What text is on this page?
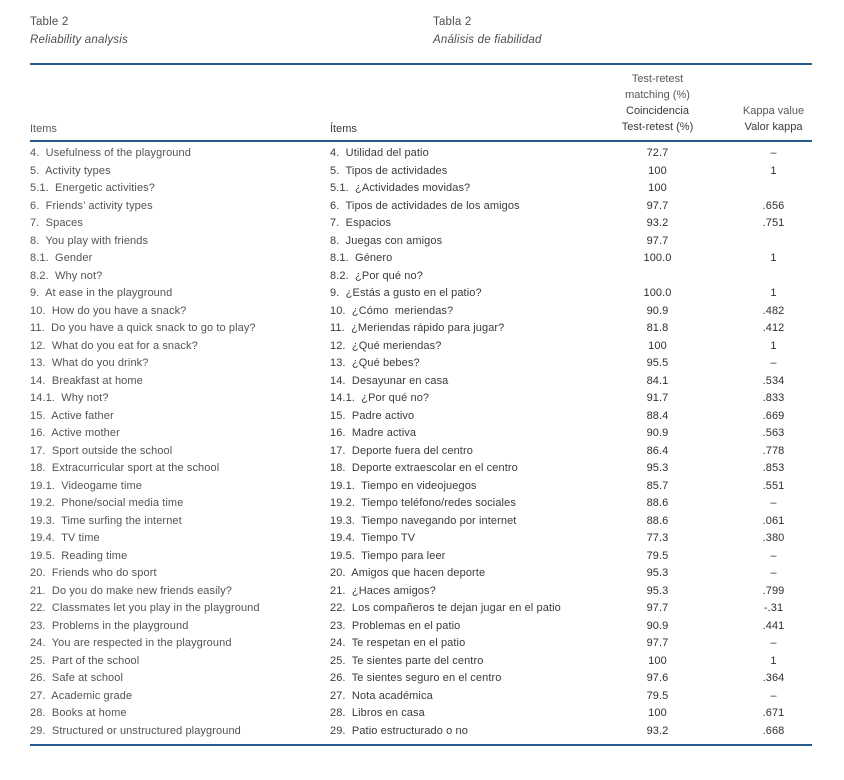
Table 2
Reliability analysis
Tabla 2
Análisis de fiabilidad
Items	Ítems
Test-retest
matching (%)
Coincidencia
Test-retest (%)
Kappa value
Valor kappa
4.  Usefulness of the playground	4.  Utilidad del patio	72.7	–
5.  Activity types	5.  Tipos de actividades	100	1
5.1.  Energetic activities?	5.1.  ¿Actividades movidas?	100
6.  Friends’ activity types	6.  Tipos de actividades de los amigos	97.7	.656
7.  Spaces	7.  Espacios	93.2	.751
8.  You play with friends	8.  Juegas con amigos	97.7
8.1.  Gender	8.1.  Género	100.0	1
8.2.  Why not?	8.2.  ¿Por qué no?
9.  At ease in the playground	9.  ¿Estás a gusto en el patio?	100.0	1
10.  How do you have a snack?	10.  ¿Cómo  meriendas?	90.9	.482
11.  Do you have a quick snack to go to play?	11.  ¿Meriendas rápido para jugar?	81.8	.412
12.  What do you eat for a snack?	12.  ¿Qué meriendas?	100	1
13.  What do you drink?	13.  ¿Qué bebes?	95.5	–
14.  Breakfast at home	14.  Desayunar en casa	84.1	.534
14.1.  Why not?	14.1.  ¿Por qué no?	91.7	.833
15.  Active father	15.  Padre activo	88.4	.669
16.  Active mother	16.  Madre activa	90.9	.563
17.  Sport outside the school	17.  Deporte fuera del centro	86.4	.778
18.  Extracurricular sport at the school	18.  Deporte extraescolar en el centro	95.3	.853
19.1.  Videogame time	19.1.  Tiempo en videojuegos	85.7	.551
19.2.  Phone/social media time	19.2.  Tiempo teléfono/redes sociales	88.6	–
19.3.  Time surfing the internet	19.3.  Tiempo navegando por internet	88.6	.061
19.4.  TV time	19.4.  Tiempo TV	77.3	.380
19.5.  Reading time	19.5.  Tiempo para leer	79.5	–
20.  Friends who do sport	20.  Amigos que hacen deporte	95.3	–
21.  Do you do make new friends easily?	21.  ¿Haces amigos?	95.3	.799
22.  Classmates let you play in the playground	22.  Los compañeros te dejan jugar en el patio	97.7	-.31
23.  Problems in the playground	23.  Problemas en el patio	90.9	.441
24.  You are respected in the playground	24.  Te respetan en el patio	97.7	–
25.  Part of the school	25.  Te sientes parte del centro	100	1
26.  Safe at school	26.  Te sientes seguro en el centro	97.6	.364
27.  Academic grade	27.  Nota académica	79.5	–
28.  Books at home	28.  Libros en casa	100	.671
29.  Structured or unstructured playground	29.  Patio estructurado o no	93.2	.668
